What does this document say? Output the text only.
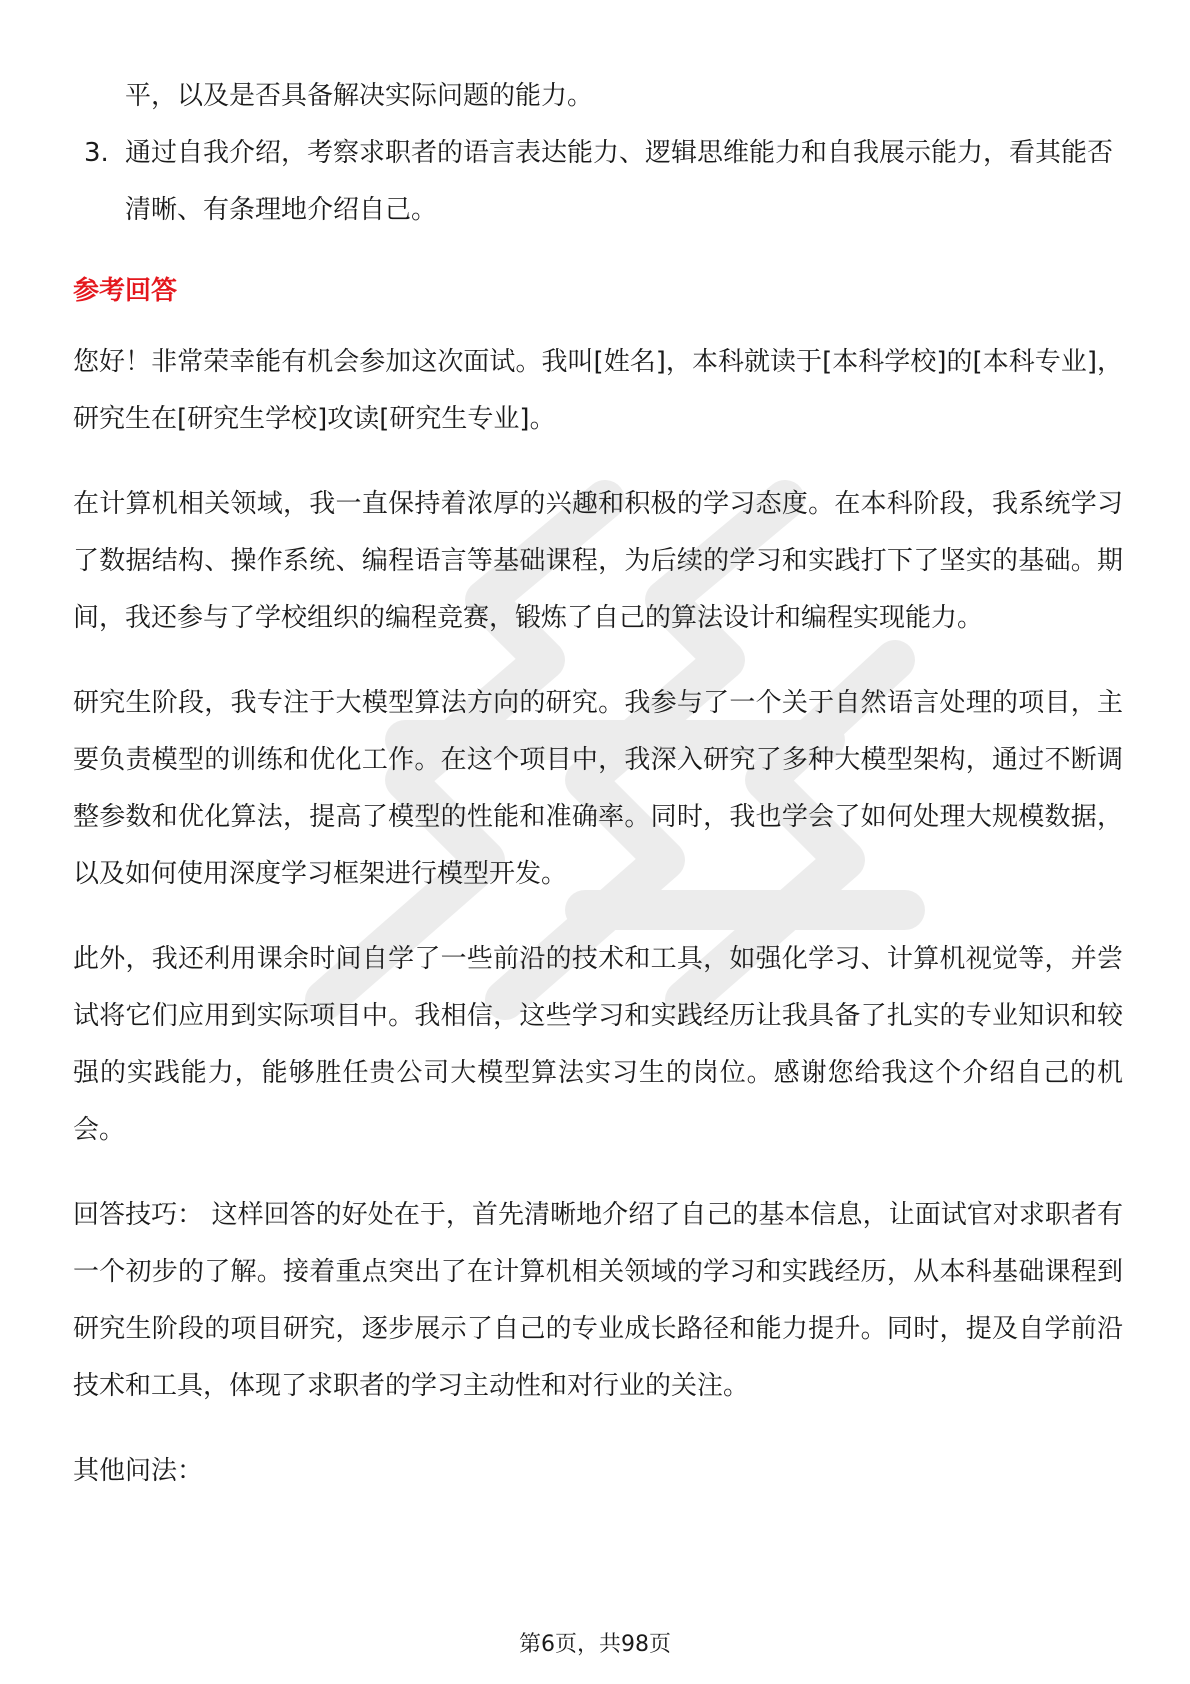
平，以及是否具备解决实际问题的能力。

3. 通过自我介绍，考察求职者的语言表达能力、逻辑思维能力和自我展示能力，看其能否清晰、有条理地介绍自己。
参考回答

您好！非常荣幸能有机会参加这次面试。我叫[姓名]，本科就读于[本科学校]的[本科专业]，研究生在[研究生学校]攻读[研究生专业]。

在计算机相关领域，我一直保持着浓厚的兴趣和积极的学习态度。在本科阶段，我系统学习了数据结构、操作系统、编程语言等基础课程，为后续的学习和实践打下了坚实的基础。期间，我还参与了学校组织的编程竞赛，锻炼了自己的算法设计和编程实现能力。

研究生阶段，我专注于大模型算法方向的研究。我参与了一个关于自然语言处理的项目，主要负责模型的训练和优化工作。在这个项目中，我深入研究了多种大模型架构，通过不断调整参数和优化算法，提高了模型的性能和准确率。同时，我也学会了如何处理大规模数据，以及如何使用深度学习框架进行模型开发。

此外，我还利用课余时间自学了一些前沿的技术和工具，如强化学习、计算机视觉等，并尝试将它们应用到实际项目中。我相信，这些学习和实践经历让我具备了扎实的专业知识和较强的实践能力，能够胜任贵公司大模型算法实习生的岗位。感谢您给我这个介绍自己的机会。

回答技巧： 这样回答的好处在于，首先清晰地介绍了自己的基本信息，让面试官对求职者有一个初步的了解。接着重点突出了在计算机相关领域的学习和实践经历，从本科基础课程到研究生阶段的项目研究，逐步展示了自己的专业成长路径和能力提升。同时，提及自学前沿技术和工具，体现了求职者的学习主动性和对行业的关注。

其他问法：

第6页，共98页
